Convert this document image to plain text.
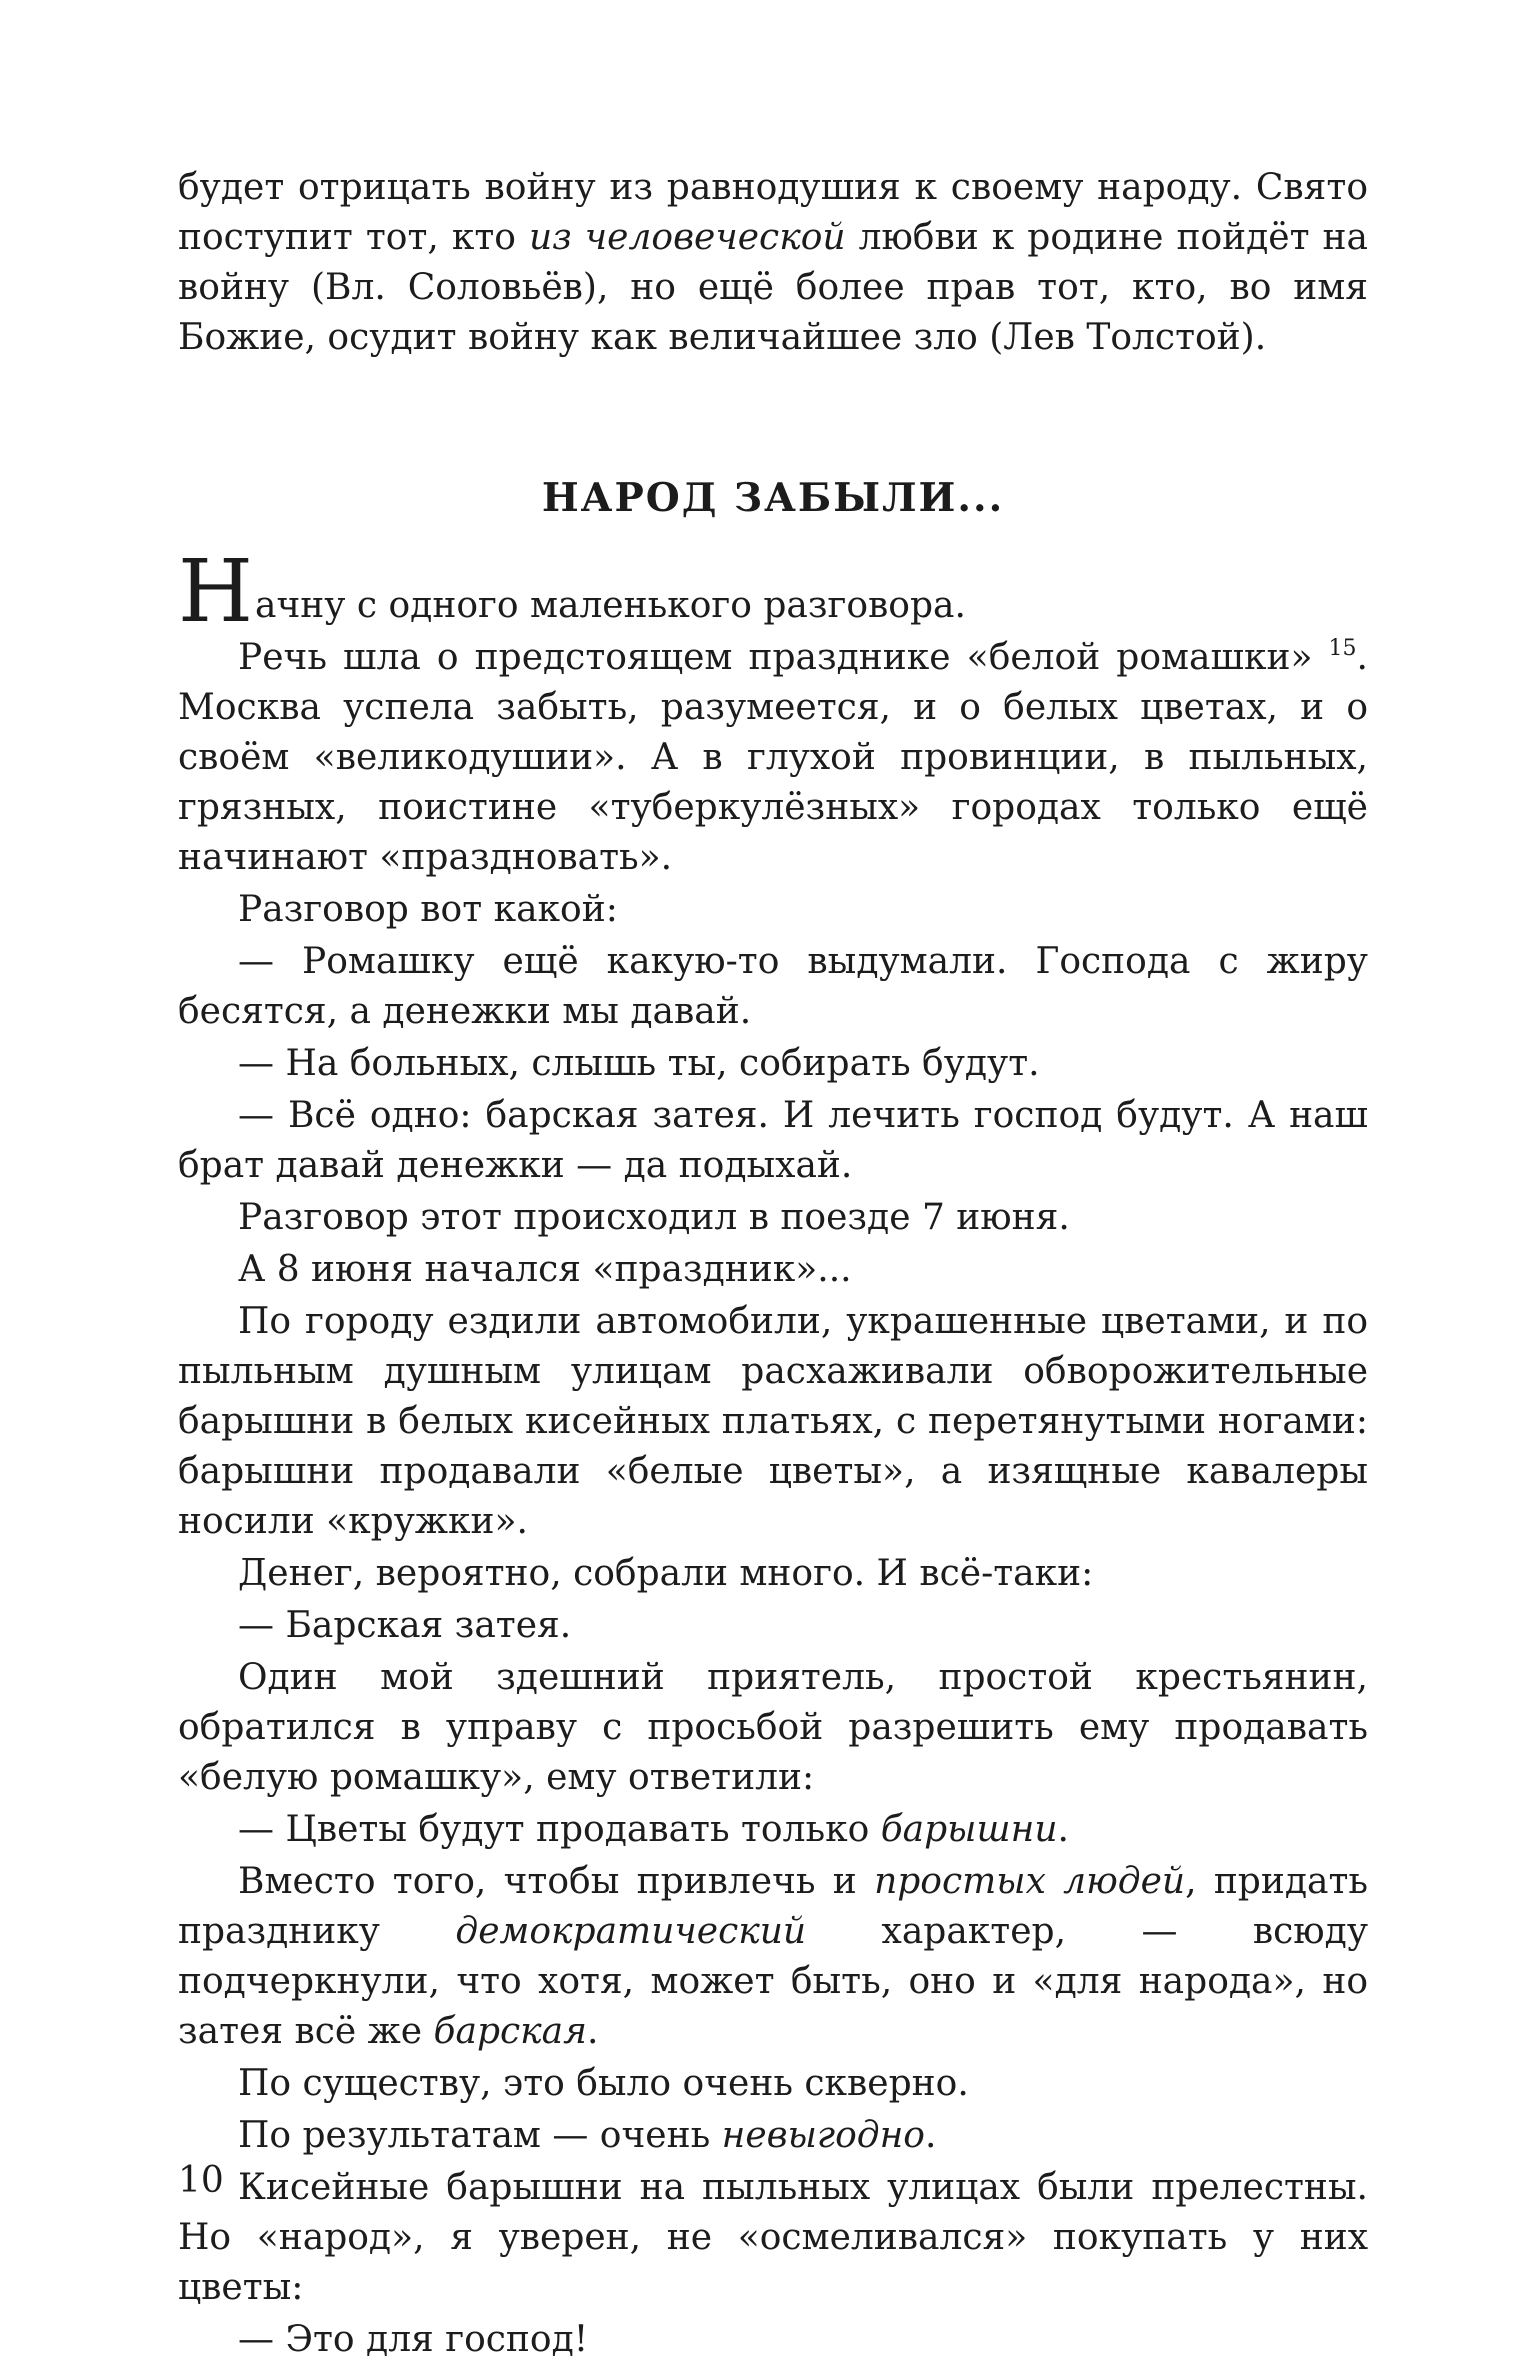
будет отрицать войну из равнодушия к своему народу. Свято поступит тот, кто из человеческой любви к родине пойдёт на войну (Вл. Соловьёв), но ещё более прав тот, кто, во имя Божие, осудит войну как величайшее зло (Лев Толстой).

НАРОД ЗАБЫЛИ...

Начну с одного маленького разговора.

Речь шла о предстоящем празднике «белой ромашки» $^{15}$. Москва успела забыть, разумеется, и о белых цветах, и о своём «великодушии». А в глухой провинции, в пыльных, грязных, поистине «туберкулёзных» городах только ещё начинают «праздновать».

Разговор вот какой:

— Ромашку ещё какую-то выдумали. Господа с жиру бесятся, а денежки мы давай.

— На больных, слышь ты, собирать будут.

— Всё одно: барская затея. И лечить господ будут. А наш брат давай денежки — да подыхай.

Разговор этот происходил в поезде 7 июня.

А 8 июня начался «праздник»...

По городу ездили автомобили, украшенные цветами, и по пыльным душным улицам расхаживали обворожительные барышни в белых кисейных платьях, с перетянутыми ногами: барышни продавали «белые цветы», а изящные кавалеры носили «кружки».

Денег, вероятно, собрали много. И всё-таки:

— Барская затея.

Один мой здешний приятель, простой крестьянин, обратился в управу с просьбой разрешить ему продавать «белую ромашку», ему ответили:

— Цветы будут продавать только барышни.

Вместо того, чтобы привлечь и простых людей, придать празднику демократический характер, — всюду подчеркнули, что хотя, может быть, оно и «для народа», но затея всё же барская.

По существу, это было очень скверно.

По результатам — очень невыгодно.

Кисейные барышни на пыльных улицах были прелестны. Но «народ», я уверен, не «осмеливался» покупать у них цветы:

— Это для господ!

10
